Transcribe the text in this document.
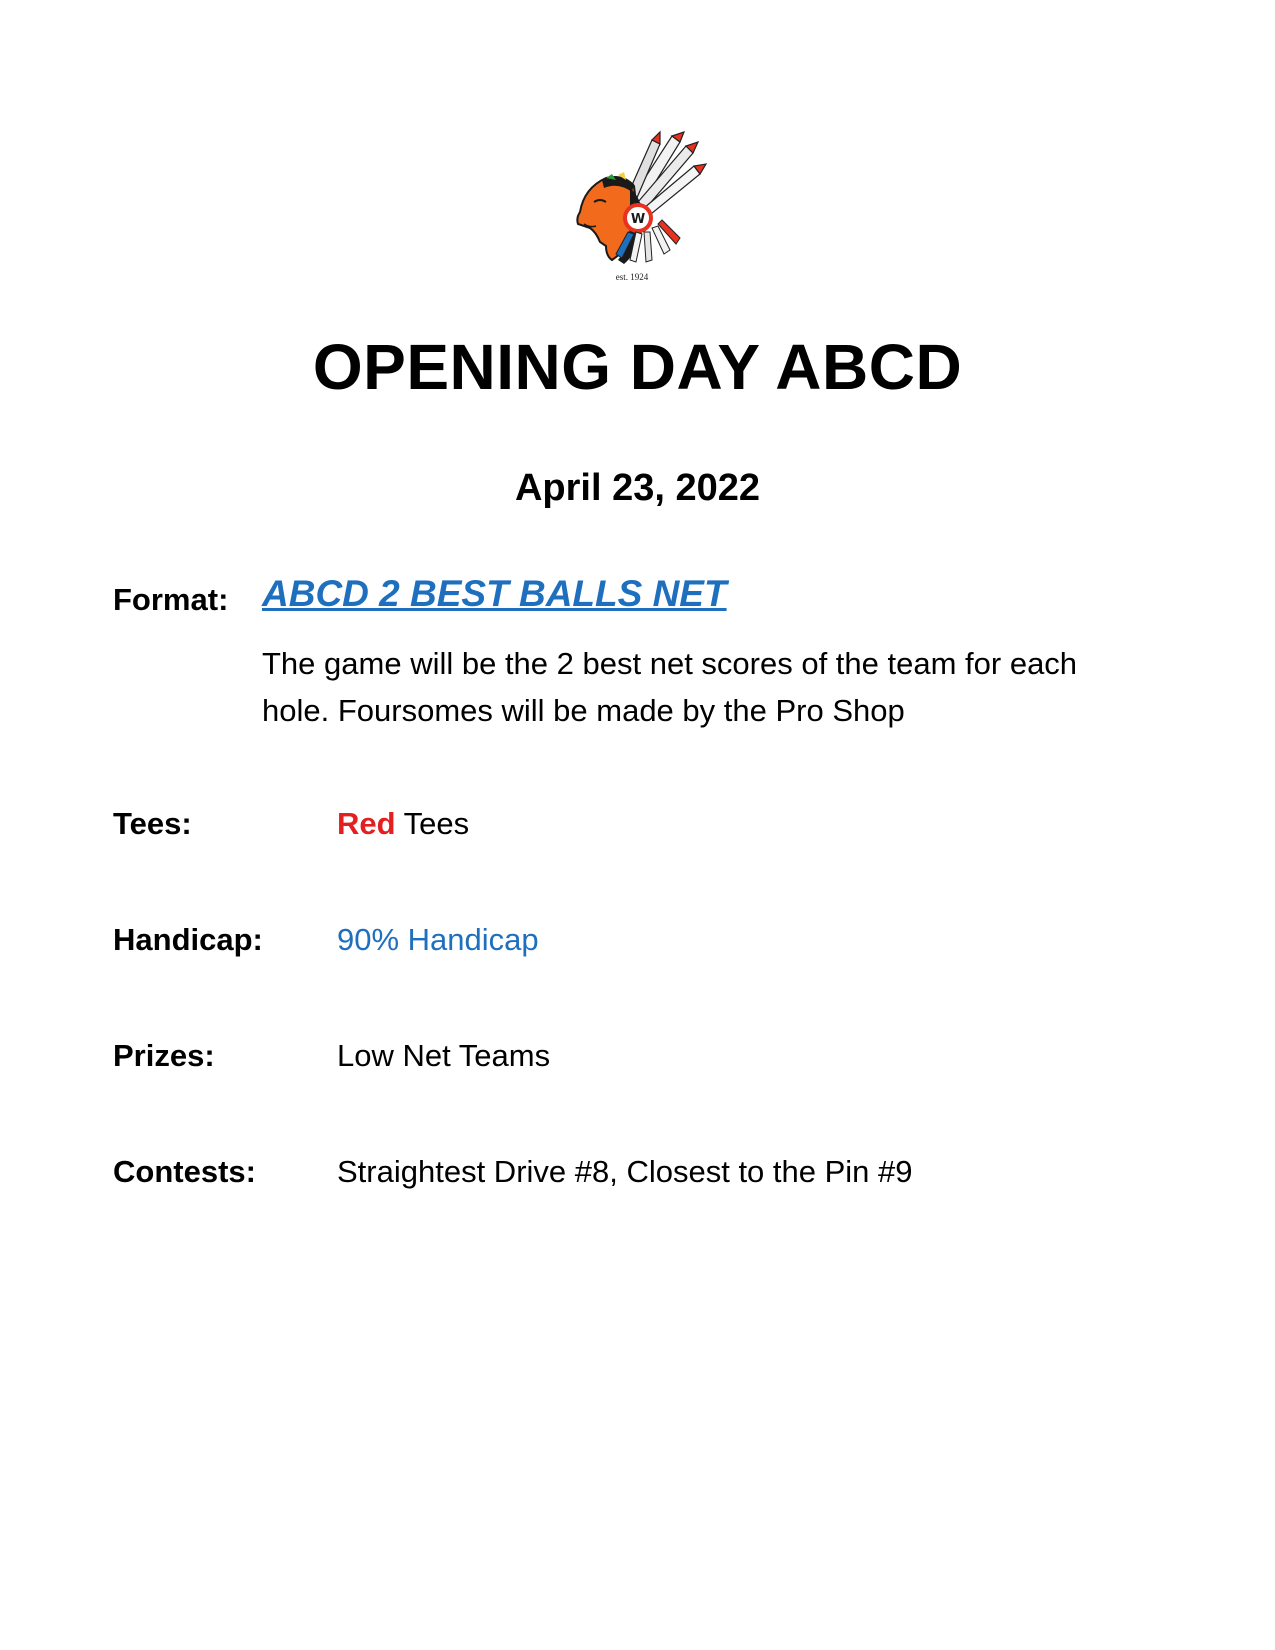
W
est. 1924
OPENING DAY ABCD
April 23, 2022
Format: ABCD 2 BEST BALLS NET
The game will be the 2 best net scores of the team for each hole. Foursomes will be made by the Pro Shop
Tees:	Red Tees
Handicap: 90% Handicap
Prizes:	Low Net Teams
Contests:	Straightest Drive #8, Closest to the Pin #9
